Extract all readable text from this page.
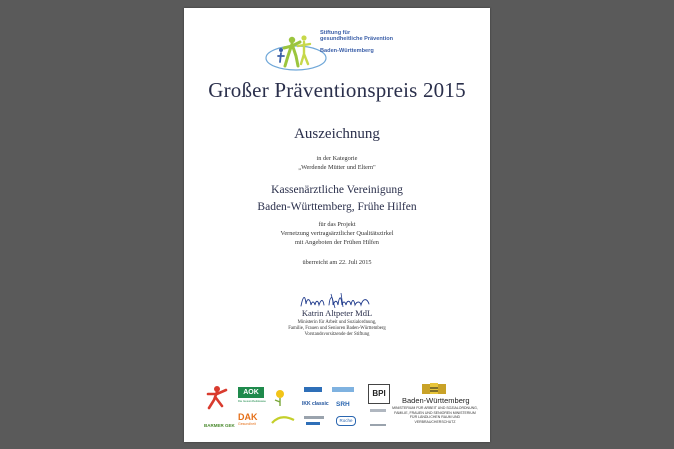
Stiftung für
gesundheitliche Prävention
Baden-Württemberg
Großer Präventionspreis 2015
Auszeichnung
in der Kategorie
„Werdende Mütter und Eltern"
Kassenärztliche Vereinigung
Baden-Württemberg, Frühe Hilfen
für das Projekt
Vernetzung vertragsärztlicher Qualitätszirkel
mit Angeboten der Frühen Hilfen
überreicht am 22. Juli 2015
Katrin Altpeter MdL
Ministerin für Arbeit und Sozialordnung,
Familie, Frauen und Senioren Baden-Württemberg
Vorstandsvorsitzende der Stiftung
BARMER GEK
AOK
Die Gesundheitskasse
DAK
Gesundheit
IKK classic SRH
Roche
BPI
Baden-Württemberg
MINISTERIUM FÜR ARBEIT UND SOZIALORDNUNG, FAMILIE, FRAUEN UND SENIOREN MINISTERIUM FÜR LÄNDLICHEN RAUM UND VERBRAUCHERSCHUTZ
